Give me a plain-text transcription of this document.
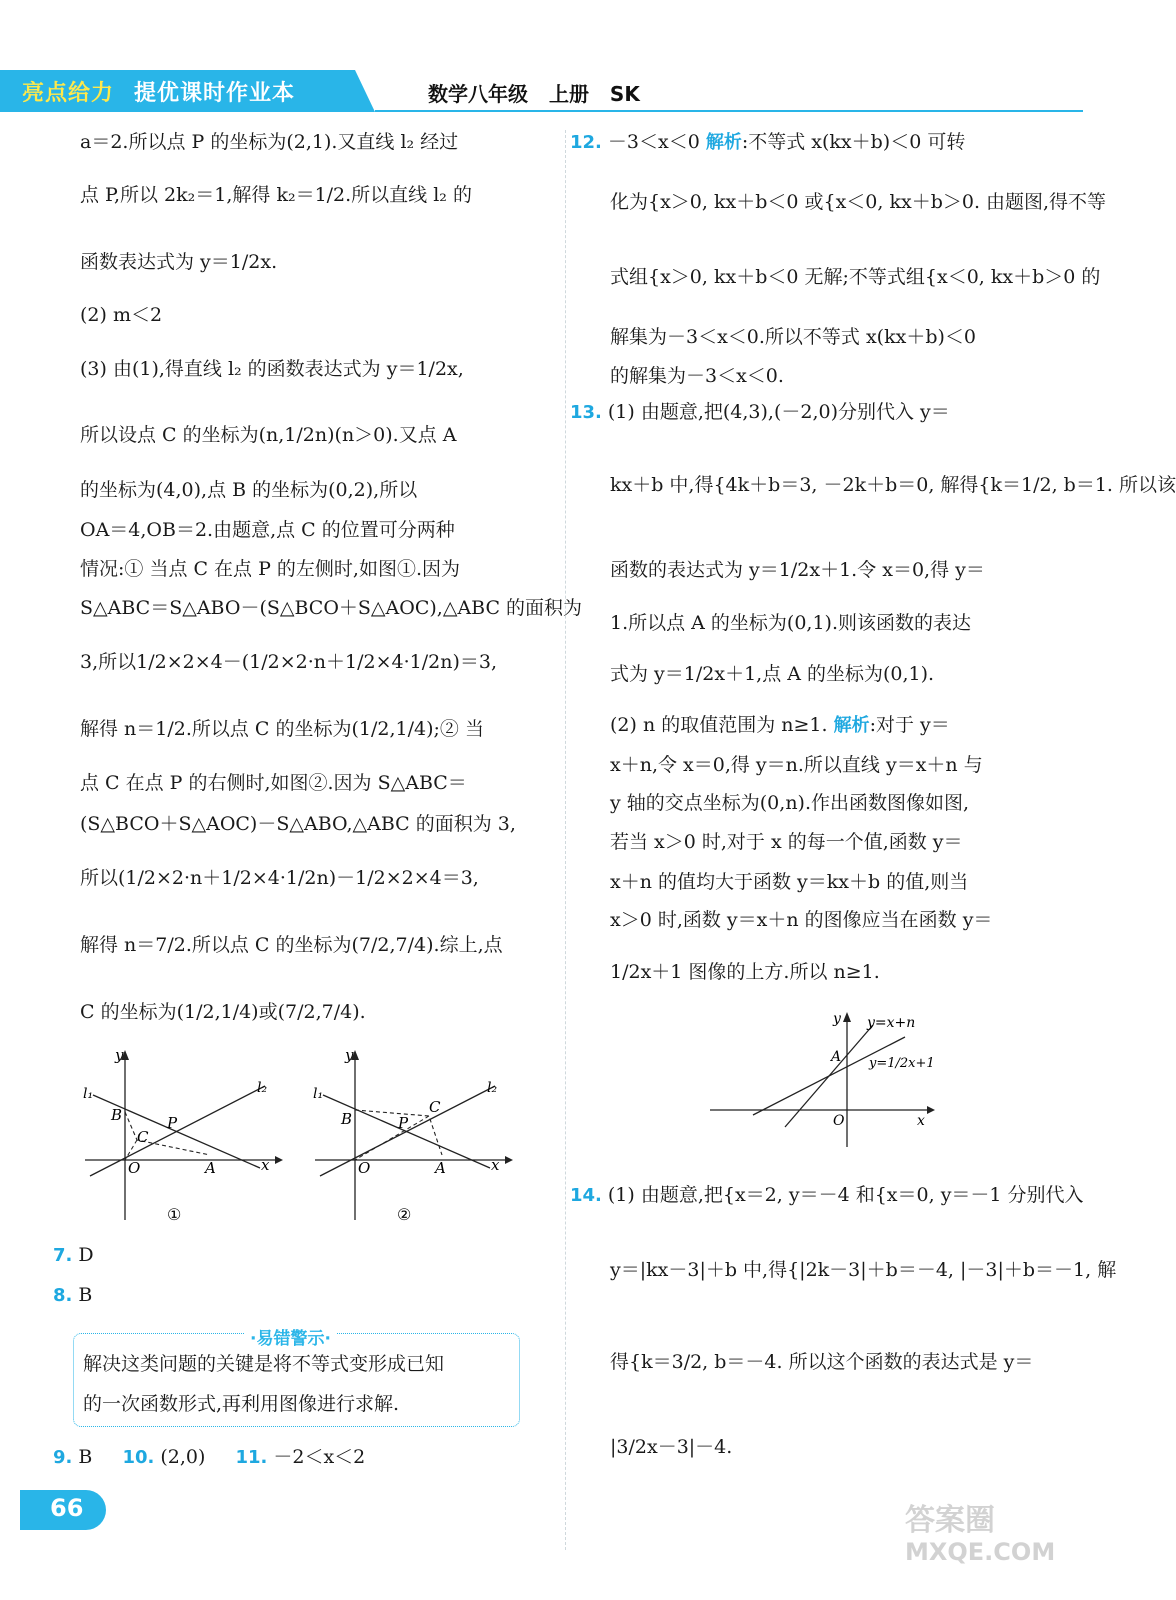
亮点给力 提优课时作业本	数学八年级 上册 SK
a＝2.所以点 P 的坐标为(2,1).又直线 l₂ 经过
点 P,所以 2k₂＝1,解得 k₂＝1/2.所以直线 l₂ 的
函数表达式为 y＝1/2x.
(2) m＜2
(3) 由(1),得直线 l₂ 的函数表达式为 y＝1/2x,
所以设点 C 的坐标为(n,1/2n)(n＞0).又点 A
的坐标为(4,0),点 B 的坐标为(0,2),所以
OA＝4,OB＝2.由题意,点 C 的位置可分两种
情况:① 当点 C 在点 P 的左侧时,如图①.因为
S△ABC＝S△ABO－(S△BCO＋S△AOC),△ABC 的面积为
3,所以1/2×2×4－(1/2×2·n＋1/2×4·1/2n)＝3,
解得 n＝1/2.所以点 C 的坐标为(1/2,1/4);② 当
点 C 在点 P 的右侧时,如图②.因为 S△ABC＝
(S△BCO＋S△AOC)－S△ABO,△ABC 的面积为 3,
所以(1/2×2·n＋1/2×4·1/2n)－1/2×2×4＝3,
解得 n＝7/2.所以点 C 的坐标为(7/2,7/4).综上,点
C 的坐标为(1/2,1/4)或(7/2,7/4).
y
x
O	A
B
C
P
l₁	l₂
①
y
x
O	A
B
C
P
l₁	l₂
②
7. D
8. B
·易错警示·
解决这类问题的关键是将不等式变形成已知
的一次函数形式,再利用图像进行求解.
9. B 10. (2,0) 11. －2＜x＜2
12. －3＜x＜0 解析:不等式 x(kx＋b)＜0 可转
化为{x＞0, kx＋b＜0 或{x＜0, kx＋b＞0. 由题图,得不等
式组{x＞0, kx＋b＜0 无解;不等式组{x＜0, kx＋b＞0 的
解集为－3＜x＜0.所以不等式 x(kx＋b)＜0
的解集为－3＜x＜0.
13. (1) 由题意,把(4,3),(－2,0)分别代入 y＝
kx＋b 中,得{4k＋b＝3, －2k＋b＝0, 解得{k＝1/2, b＝1. 所以该
函数的表达式为 y＝1/2x＋1.令 x＝0,得 y＝
1.所以点 A 的坐标为(0,1).则该函数的表达
式为 y＝1/2x＋1,点 A 的坐标为(0,1).
(2) n 的取值范围为 n≥1. 解析:对于 y＝
x＋n,令 x＝0,得 y＝n.所以直线 y＝x＋n 与
y 轴的交点坐标为(0,n).作出函数图像如图,
若当 x＞0 时,对于 x 的每一个值,函数 y＝
x＋n 的值均大于函数 y＝kx＋b 的值,则当
x＞0 时,函数 y＝x＋n 的图像应当在函数 y＝
1/2x＋1 图像的上方.所以 n≥1.
14. (1) 由题意,把{x＝2, y＝－4 和{x＝0, y＝－1 分别代入
y＝|kx－3|＋b 中,得{|2k－3|＋b＝－4, |－3|＋b＝－1, 解
得{k＝3/2, b＝－4. 所以这个函数的表达式是 y＝
|3/2x－3|－4.
y
x
O
A
y=x+n
y=1/2x+1
66	答案圈
MXQE.COM
